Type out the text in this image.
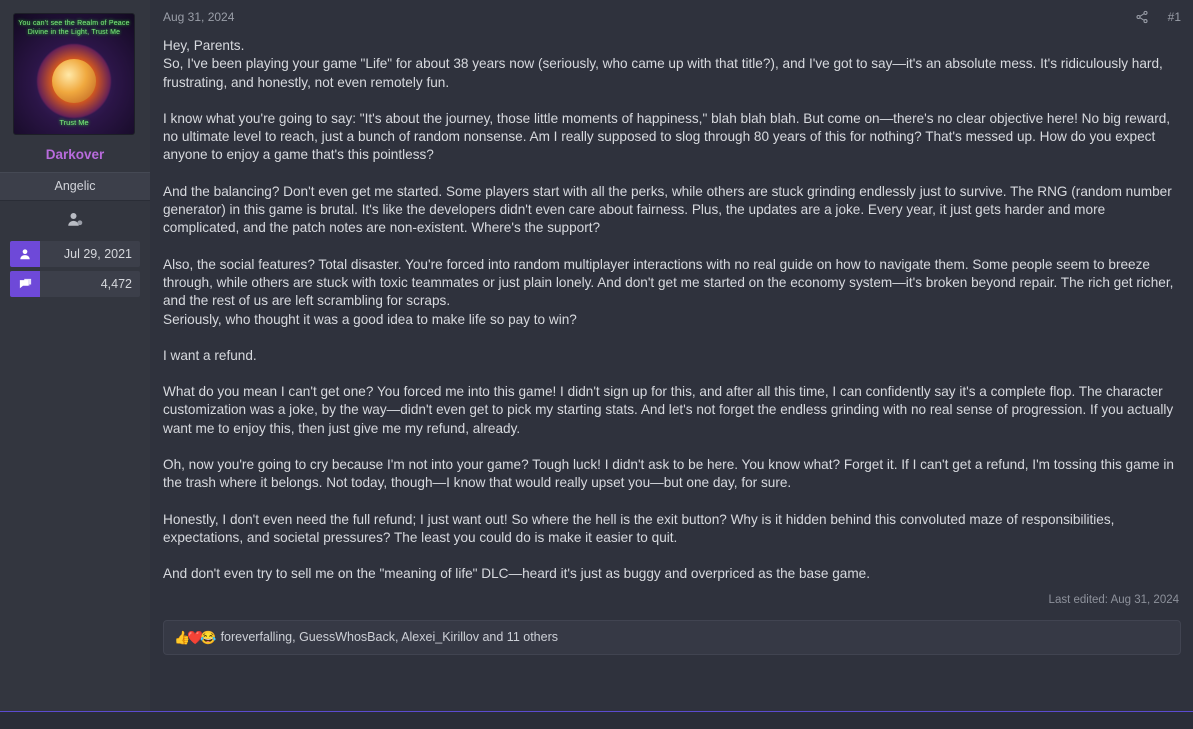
You can't see the Realm of Peace Divine in the Light, Trust Me
Trust Me
Darkover
Angelic
Jul 29, 2021
4,472
Aug 31, 2024	#1

Hey, Parents.
So, I've been playing your game "Life" for about 38 years now (seriously, who came up with that title?), and I've got to say—it's an absolute mess. It's ridiculously hard, frustrating, and honestly, not even remotely fun.

I know what you're going to say: "It's about the journey, those little moments of happiness," blah blah blah. But come on—there's no clear objective here! No big reward, no ultimate level to reach, just a bunch of random nonsense. Am I really supposed to slog through 80 years of this for nothing? That's messed up. How do you expect anyone to enjoy a game that's this pointless?

And the balancing? Don't even get me started. Some players start with all the perks, while others are stuck grinding endlessly just to survive. The RNG (random number generator) in this game is brutal. It's like the developers didn't even care about fairness. Plus, the updates are a joke. Every year, it just gets harder and more complicated, and the patch notes are non-existent. Where's the support?

Also, the social features? Total disaster. You're forced into random multiplayer interactions with no real guide on how to navigate them. Some people seem to breeze through, while others are stuck with toxic teammates or just plain lonely. And don't get me started on the economy system—it's broken beyond repair. The rich get richer, and the rest of us are left scrambling for scraps.
Seriously, who thought it was a good idea to make life so pay to win?

I want a refund.

What do you mean I can't get one? You forced me into this game! I didn't sign up for this, and after all this time, I can confidently say it's a complete flop. The character customization was a joke, by the way—didn't even get to pick my starting stats. And let's not forget the endless grinding with no real sense of progression. If you actually want me to enjoy this, then just give me my refund, already.

Oh, now you're going to cry because I'm not into your game? Tough luck! I didn't ask to be here. You know what? Forget it. If I can't get a refund, I'm tossing this game in the trash where it belongs. Not today, though—I know that would really upset you—but one day, for sure.

Honestly, I don't even need the full refund; I just want out! So where the hell is the exit button? Why is it hidden behind this convoluted maze of responsibilities, expectations, and societal pressures? The least you could do is make it easier to quit.

And don't even try to sell me on the "meaning of life" DLC—heard it's just as buggy and overpriced as the base game.

Last edited: Aug 31, 2024
👍
❤️
😂 foreverfalling, GuessWhosBack, Alexei_Kirillov and 11 others
